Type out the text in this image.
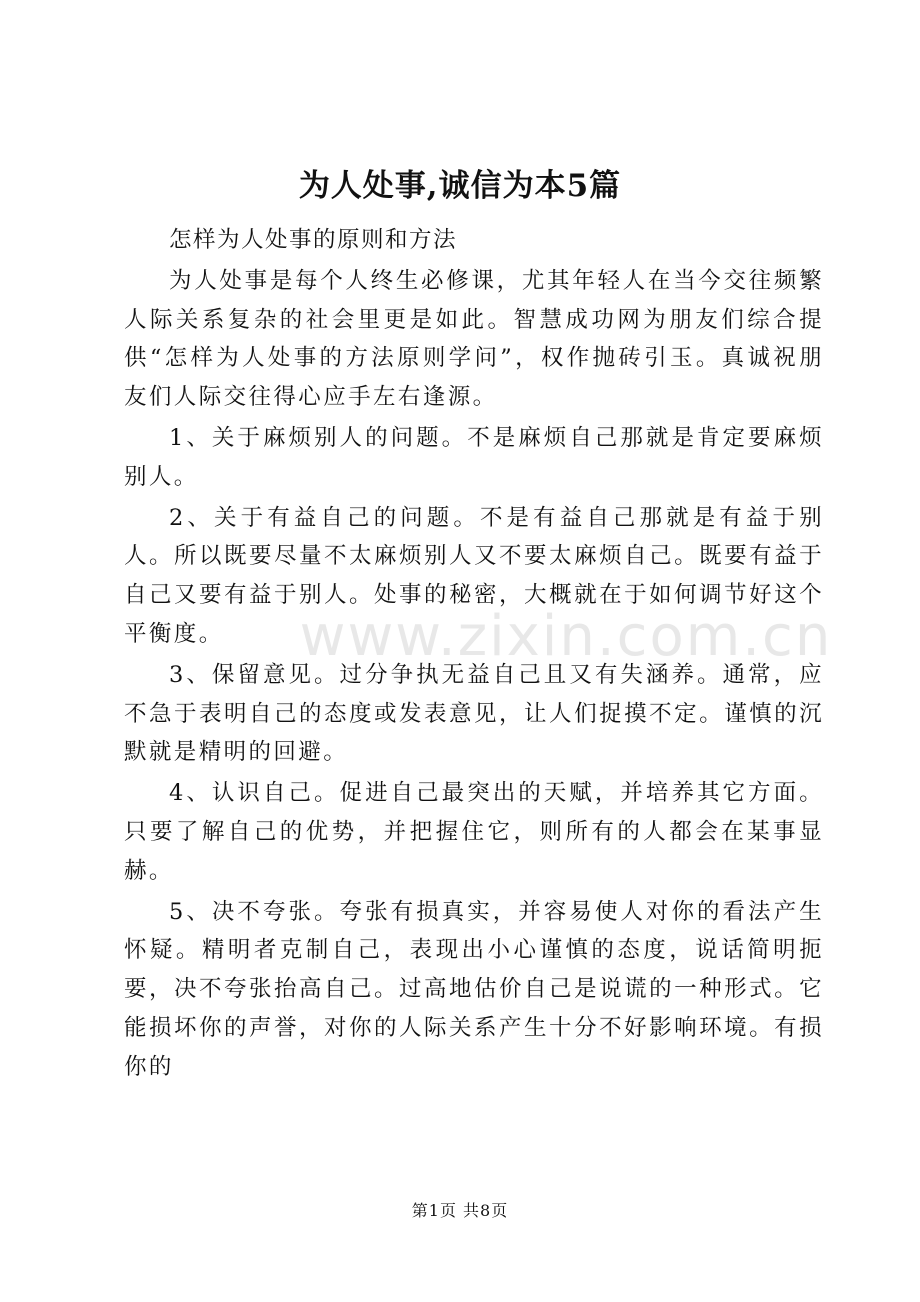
www.zixin.com.cn
为人处事,诚信为本5篇

怎样为人处事的原则和方法

为人处事是每个人终生必修课，尤其年轻人在当今交往频繁人际关系复杂的社会里更是如此。智慧成功网为朋友们综合提供“怎样为人处事的方法原则学问”，权作抛砖引玉。真诚祝朋友们人际交往得心应手左右逢源。

1、关于麻烦别人的问题。不是麻烦自己那就是肯定要麻烦别人。

2、关于有益自己的问题。不是有益自己那就是有益于别人。所以既要尽量不太麻烦别人又不要太麻烦自己。既要有益于自己又要有益于别人。处事的秘密，大概就在于如何调节好这个平衡度。

3、保留意见。过分争执无益自己且又有失涵养。通常，应不急于表明自己的态度或发表意见，让人们捉摸不定。谨慎的沉默就是精明的回避。

4、认识自己。促进自己最突出的天赋，并培养其它方面。只要了解自己的优势，并把握住它，则所有的人都会在某事显赫。

5、决不夸张。夸张有损真实，并容易使人对你的看法产生怀疑。精明者克制自己，表现出小心谨慎的态度，说话简明扼要，决不夸张抬高自己。过高地估价自己是说谎的一种形式。它能损坏你的声誉，对你的人际关系产生十分不好影响环境。有损你的

第1页 共8页
